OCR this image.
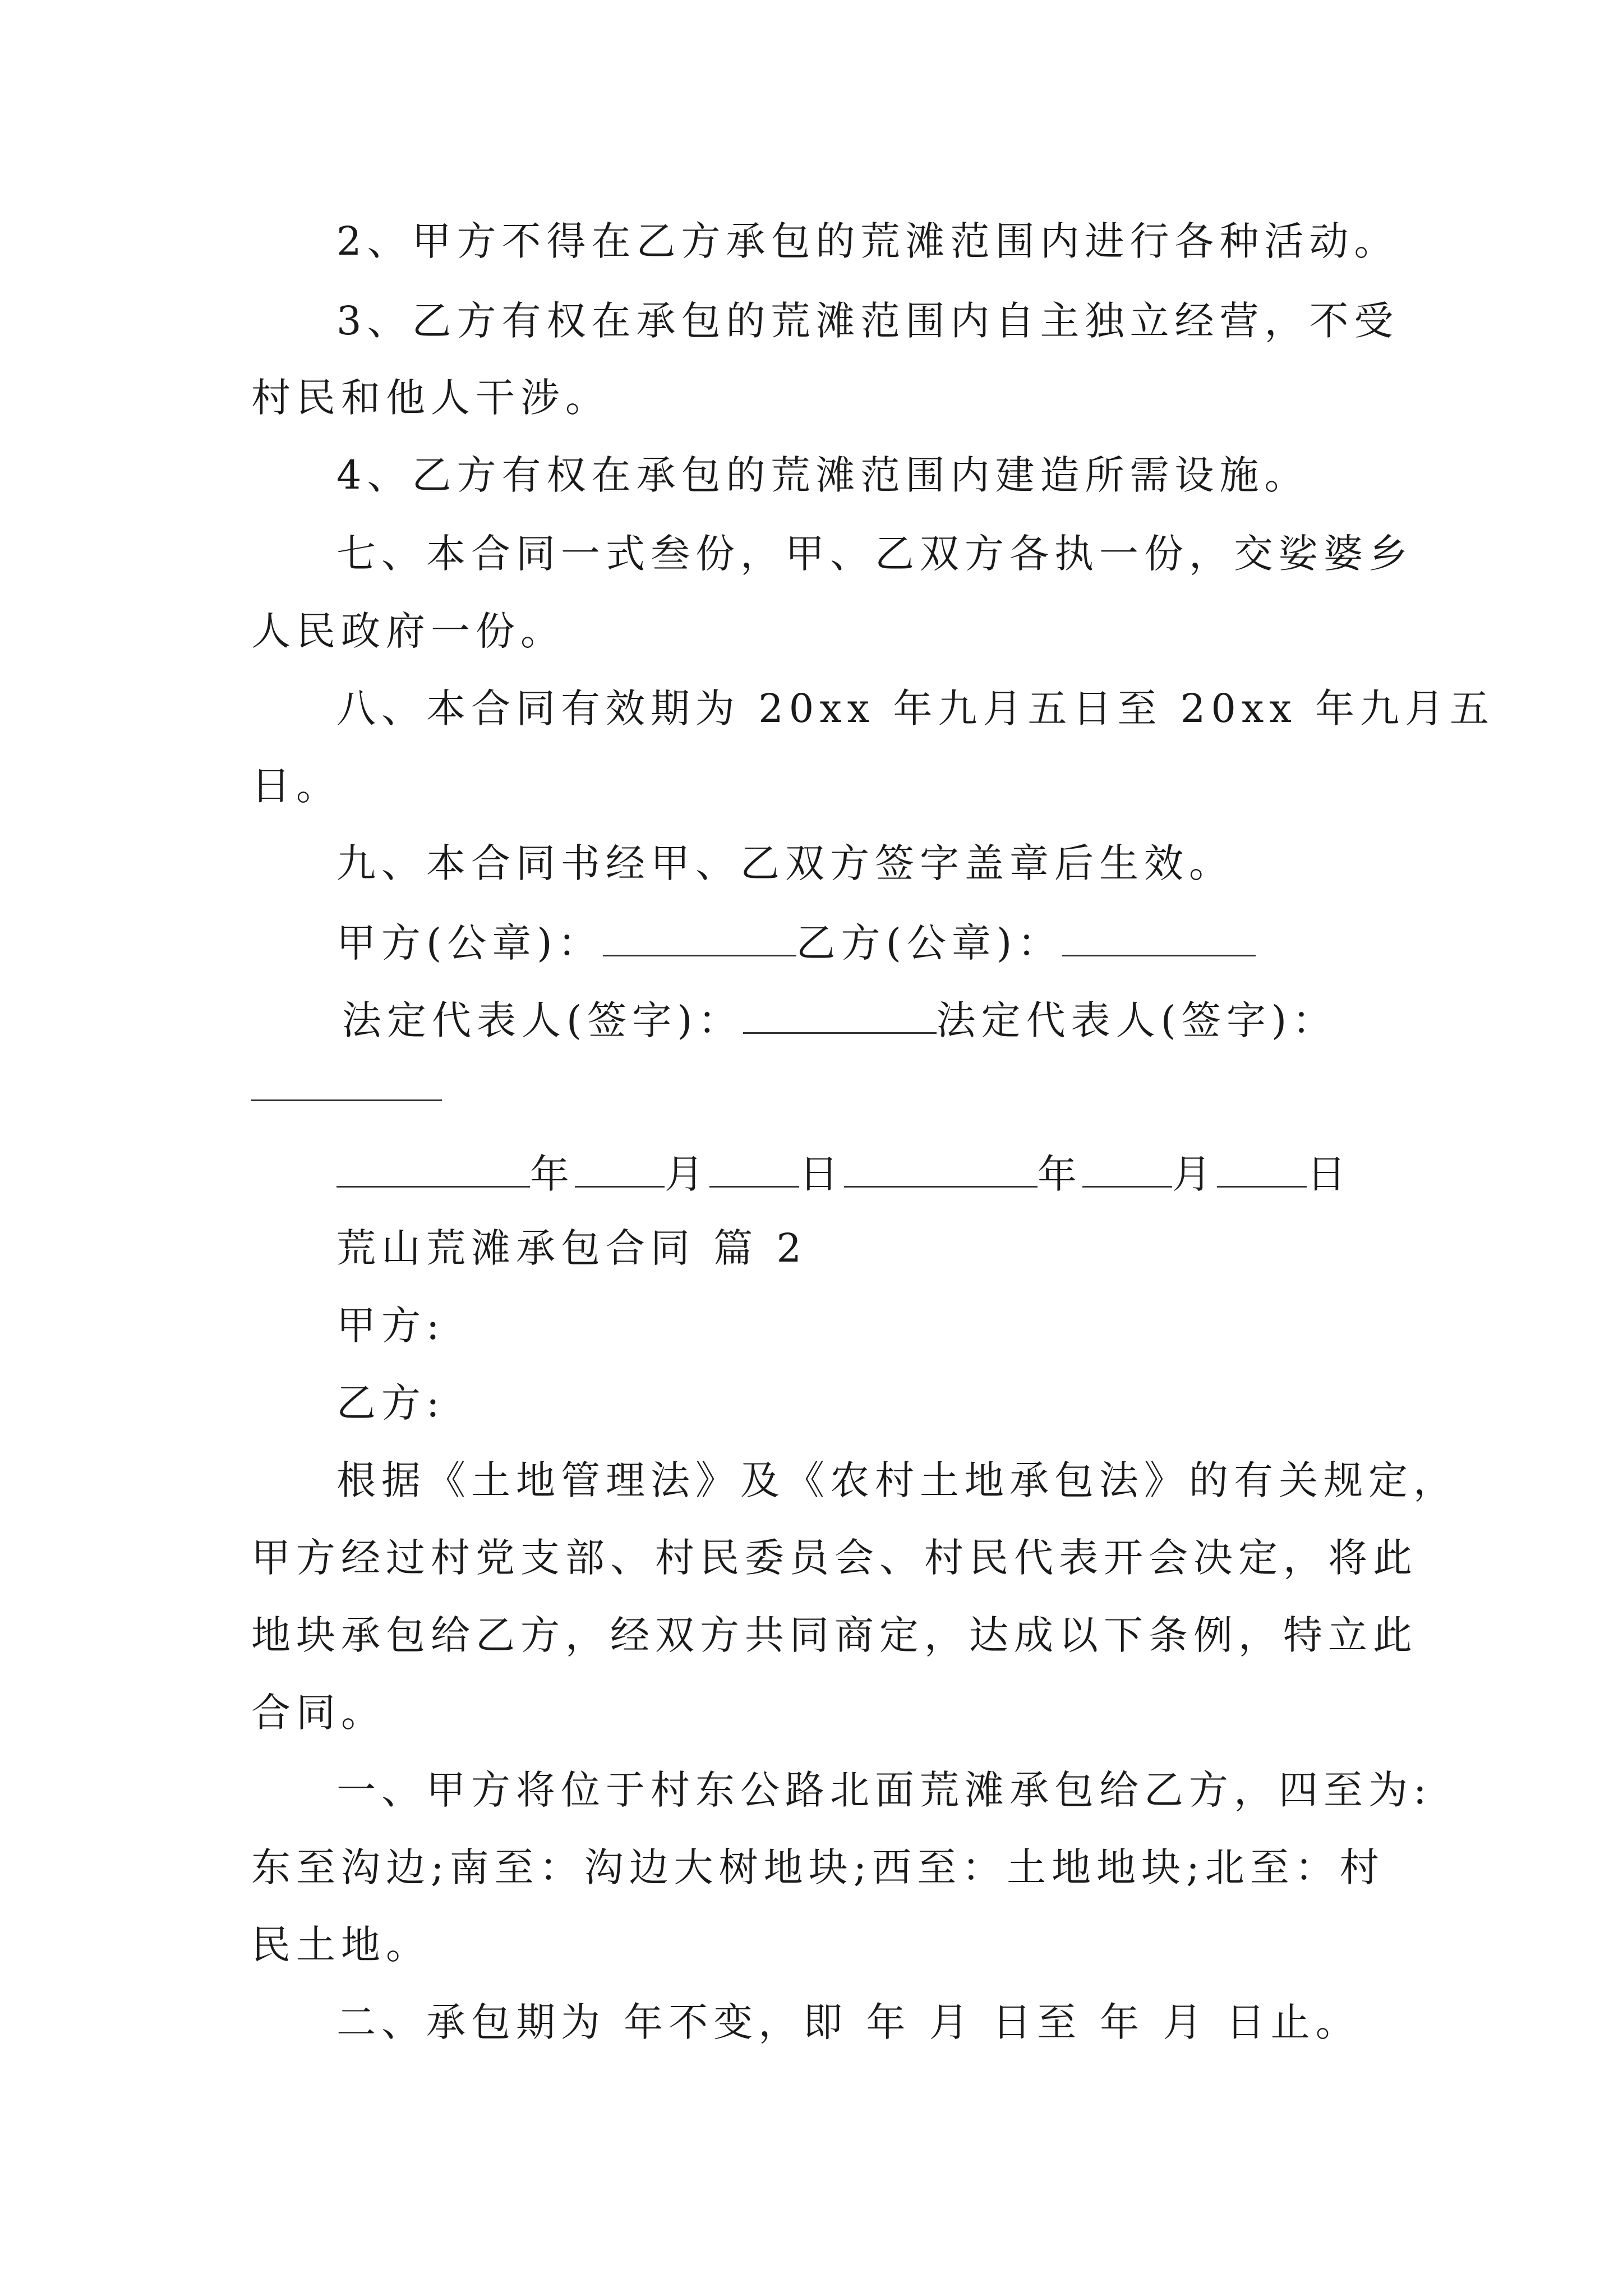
2、甲方不得在乙方承包的荒滩范围内进行各种活动。
3、乙方有权在承包的荒滩范围内自主独立经营，不受
村民和他人干涉。
4、乙方有权在承包的荒滩范围内建造所需设施。
七、本合同一式叁份，甲、乙双方各执一份，交娑婆乡
人民政府一份。
八、本合同有效期为 20xx 年九月五日至 20xx 年九月五
日。
九、本合同书经甲、乙双方签字盖章后生效。
甲方(公章)：	乙方(公章)：
法定代表人(签字)：	法定代表人(签字)：
年 月 日	年 月 日
荒山荒滩承包合同 篇 2
甲方:
乙方:
根据《土地管理法》及《农村土地承包法》的有关规定，
甲方经过村党支部、村民委员会、村民代表开会决定，将此
地块承包给乙方，经双方共同商定，达成以下条例，特立此
合同。
一、甲方将位于村东公路北面荒滩承包给乙方，四至为:
东至沟边;南至：沟边大树地块;西至：土地地块;北至：村
民土地。
二、承包期为 年不变，即 年 月 日至 年 月 日止。
